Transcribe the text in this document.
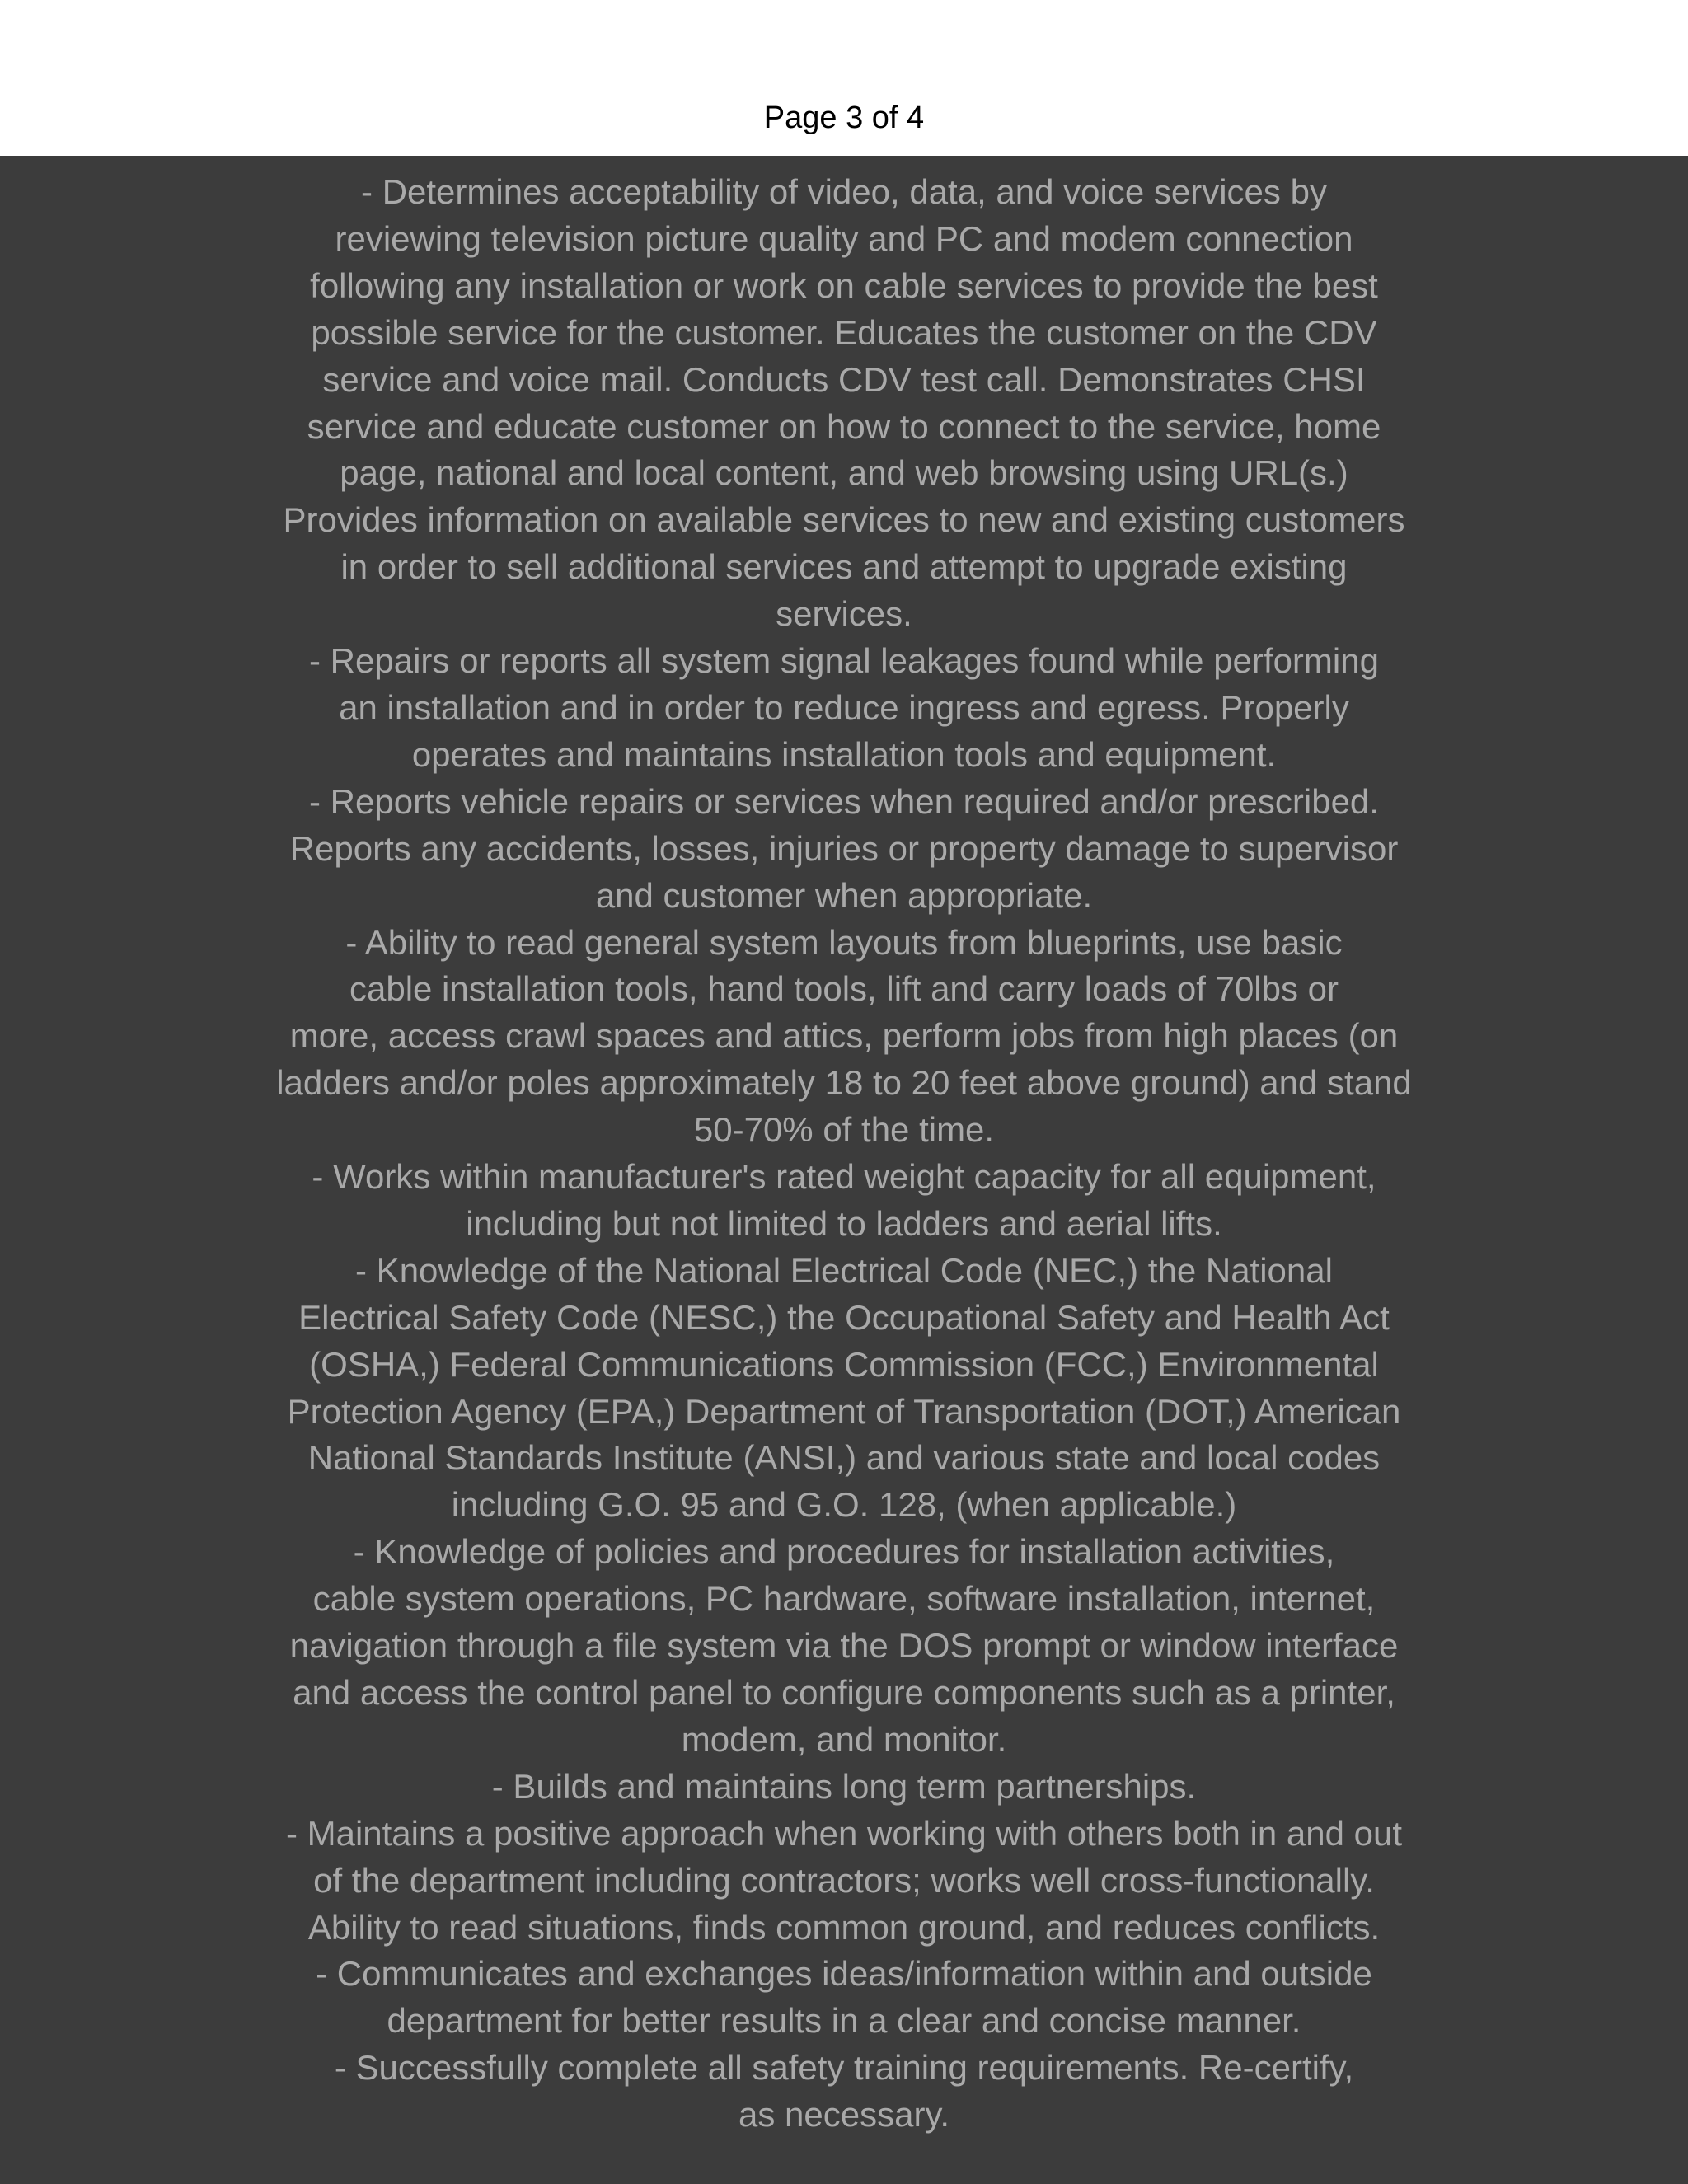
Page 3 of 4
- Determines acceptability of video, data, and voice services by
reviewing television picture quality and PC and modem connection
following any installation or work on cable services to provide the best
possible service for the customer. Educates the customer on the CDV
service and voice mail. Conducts CDV test call. Demonstrates CHSI
service and educate customer on how to connect to the service, home
page, national and local content, and web browsing using URL(s.)
Provides information on available services to new and existing customers
in order to sell additional services and attempt to upgrade existing
services.
- Repairs or reports all system signal leakages found while performing
an installation and in order to reduce ingress and egress. Properly
operates and maintains installation tools and equipment.
- Reports vehicle repairs or services when required and/or prescribed.
Reports any accidents, losses, injuries or property damage to supervisor
and customer when appropriate.
- Ability to read general system layouts from blueprints, use basic
cable installation tools, hand tools, lift and carry loads of 70lbs or
more, access crawl spaces and attics, perform jobs from high places (on
ladders and/or poles approximately 18 to 20 feet above ground) and stand
50-70% of the time.
- Works within manufacturer's rated weight capacity for all equipment,
including but not limited to ladders and aerial lifts.
- Knowledge of the National Electrical Code (NEC,) the National
Electrical Safety Code (NESC,) the Occupational Safety and Health Act
(OSHA,) Federal Communications Commission (FCC,) Environmental
Protection Agency (EPA,) Department of Transportation (DOT,) American
National Standards Institute (ANSI,) and various state and local codes
including G.O. 95 and G.O. 128, (when applicable.)
- Knowledge of policies and procedures for installation activities,
cable system operations, PC hardware, software installation, internet,
navigation through a file system via the DOS prompt or window interface
and access the control panel to configure components such as a printer,
modem, and monitor.
- Builds and maintains long term partnerships.
- Maintains a positive approach when working with others both in and out
of the department including contractors; works well cross-functionally.
Ability to read situations, finds common ground, and reduces conflicts.
- Communicates and exchanges ideas/information within and outside
department for better results in a clear and concise manner.
- Successfully complete all safety training requirements. Re-certify,
as necessary.
